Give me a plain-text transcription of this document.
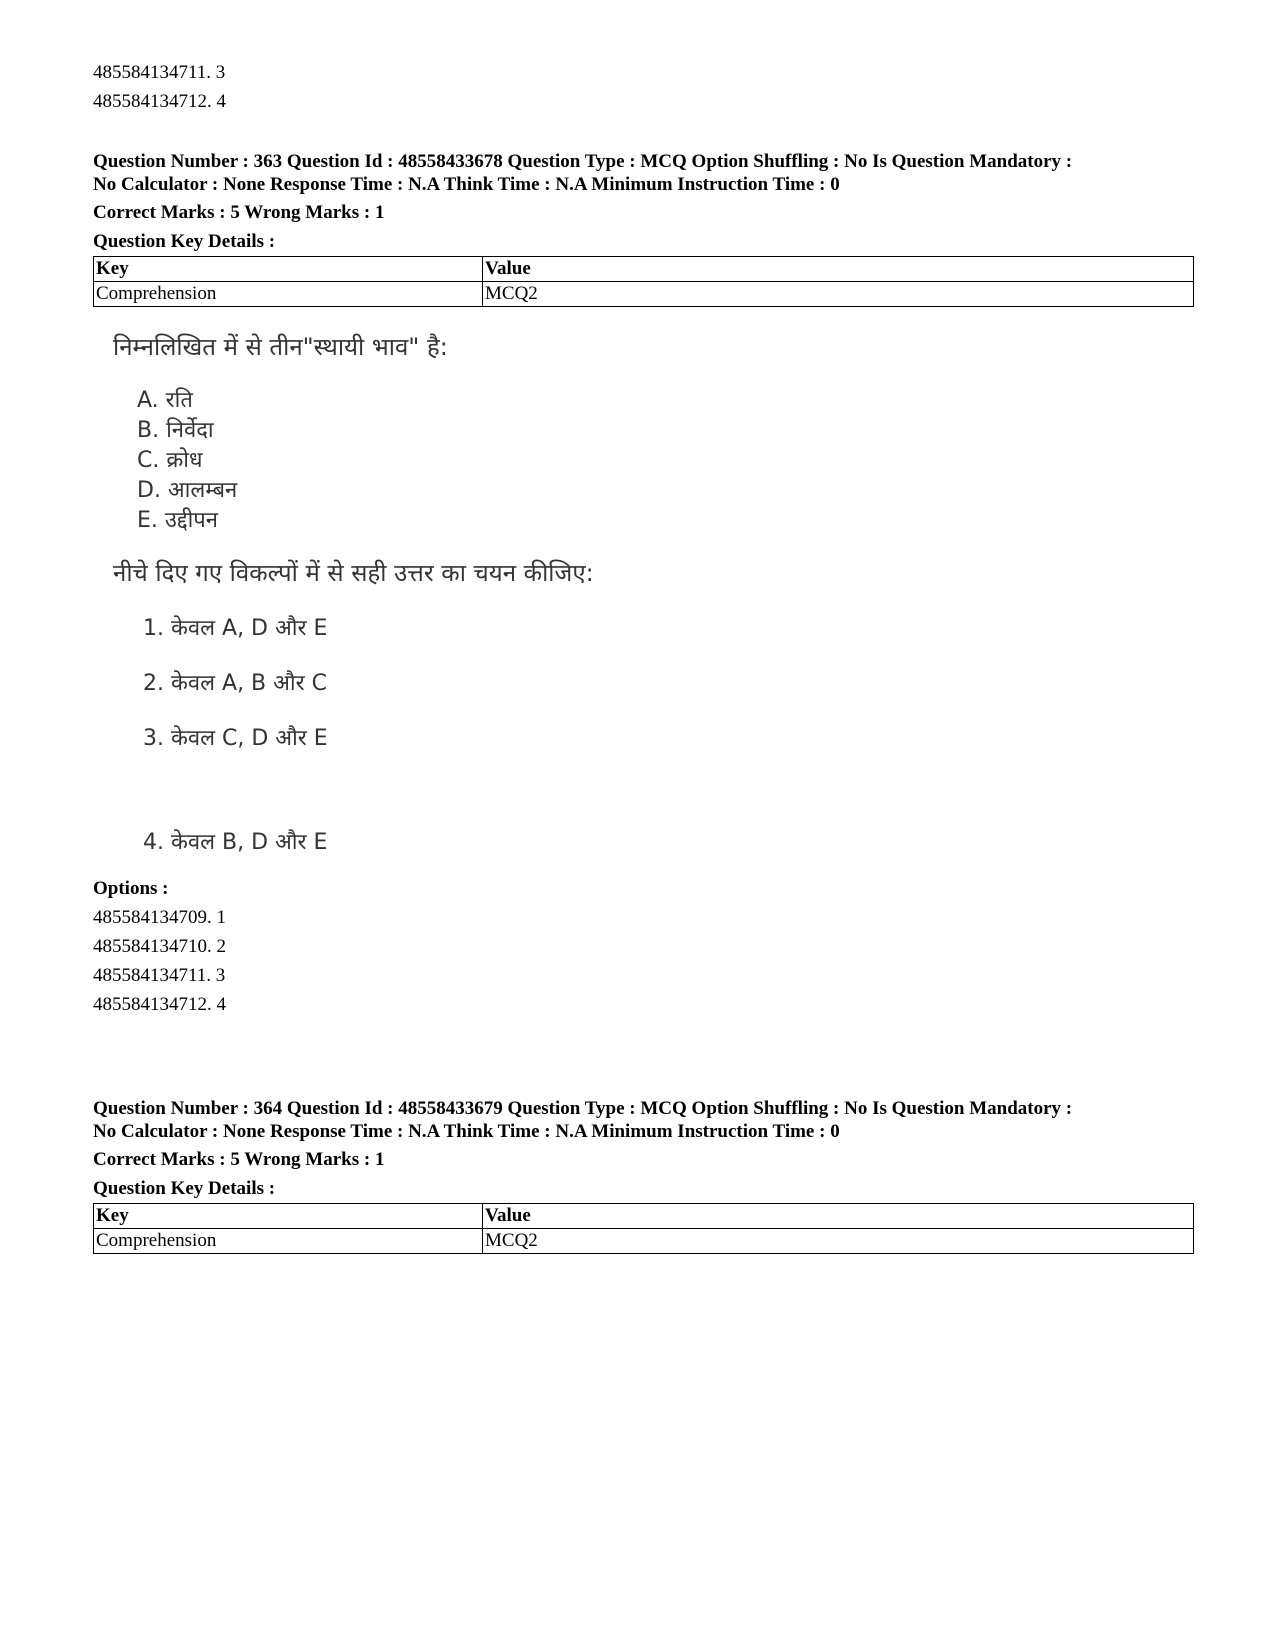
485584134711. 3
485584134712. 4
Question Number : 363 Question Id : 48558433678 Question Type : MCQ Option Shuffling : No Is Question Mandatory :
No Calculator : None Response Time : N.A Think Time : N.A Minimum Instruction Time : 0
Correct Marks : 5 Wrong Marks : 1
Question Key Details :
Key	Value
Comprehension	MCQ2
निम्नलिखित में से तीन"स्थायी भाव" है:
A. रति
B. निर्वेदा
C. क्रोध
D. आलम्बन
E. उद्दीपन
नीचे दिए गए विकल्पों में से सही उत्तर का चयन कीजिए:
1. केवल A, D और E
2. केवल A, B और C
3. केवल C, D और E
4. केवल B, D और E
Options :
485584134709. 1
485584134710. 2
485584134711. 3
485584134712. 4
Question Number : 364 Question Id : 48558433679 Question Type : MCQ Option Shuffling : No Is Question Mandatory :
No Calculator : None Response Time : N.A Think Time : N.A Minimum Instruction Time : 0
Correct Marks : 5 Wrong Marks : 1
Question Key Details :
Key	Value
Comprehension	MCQ2
